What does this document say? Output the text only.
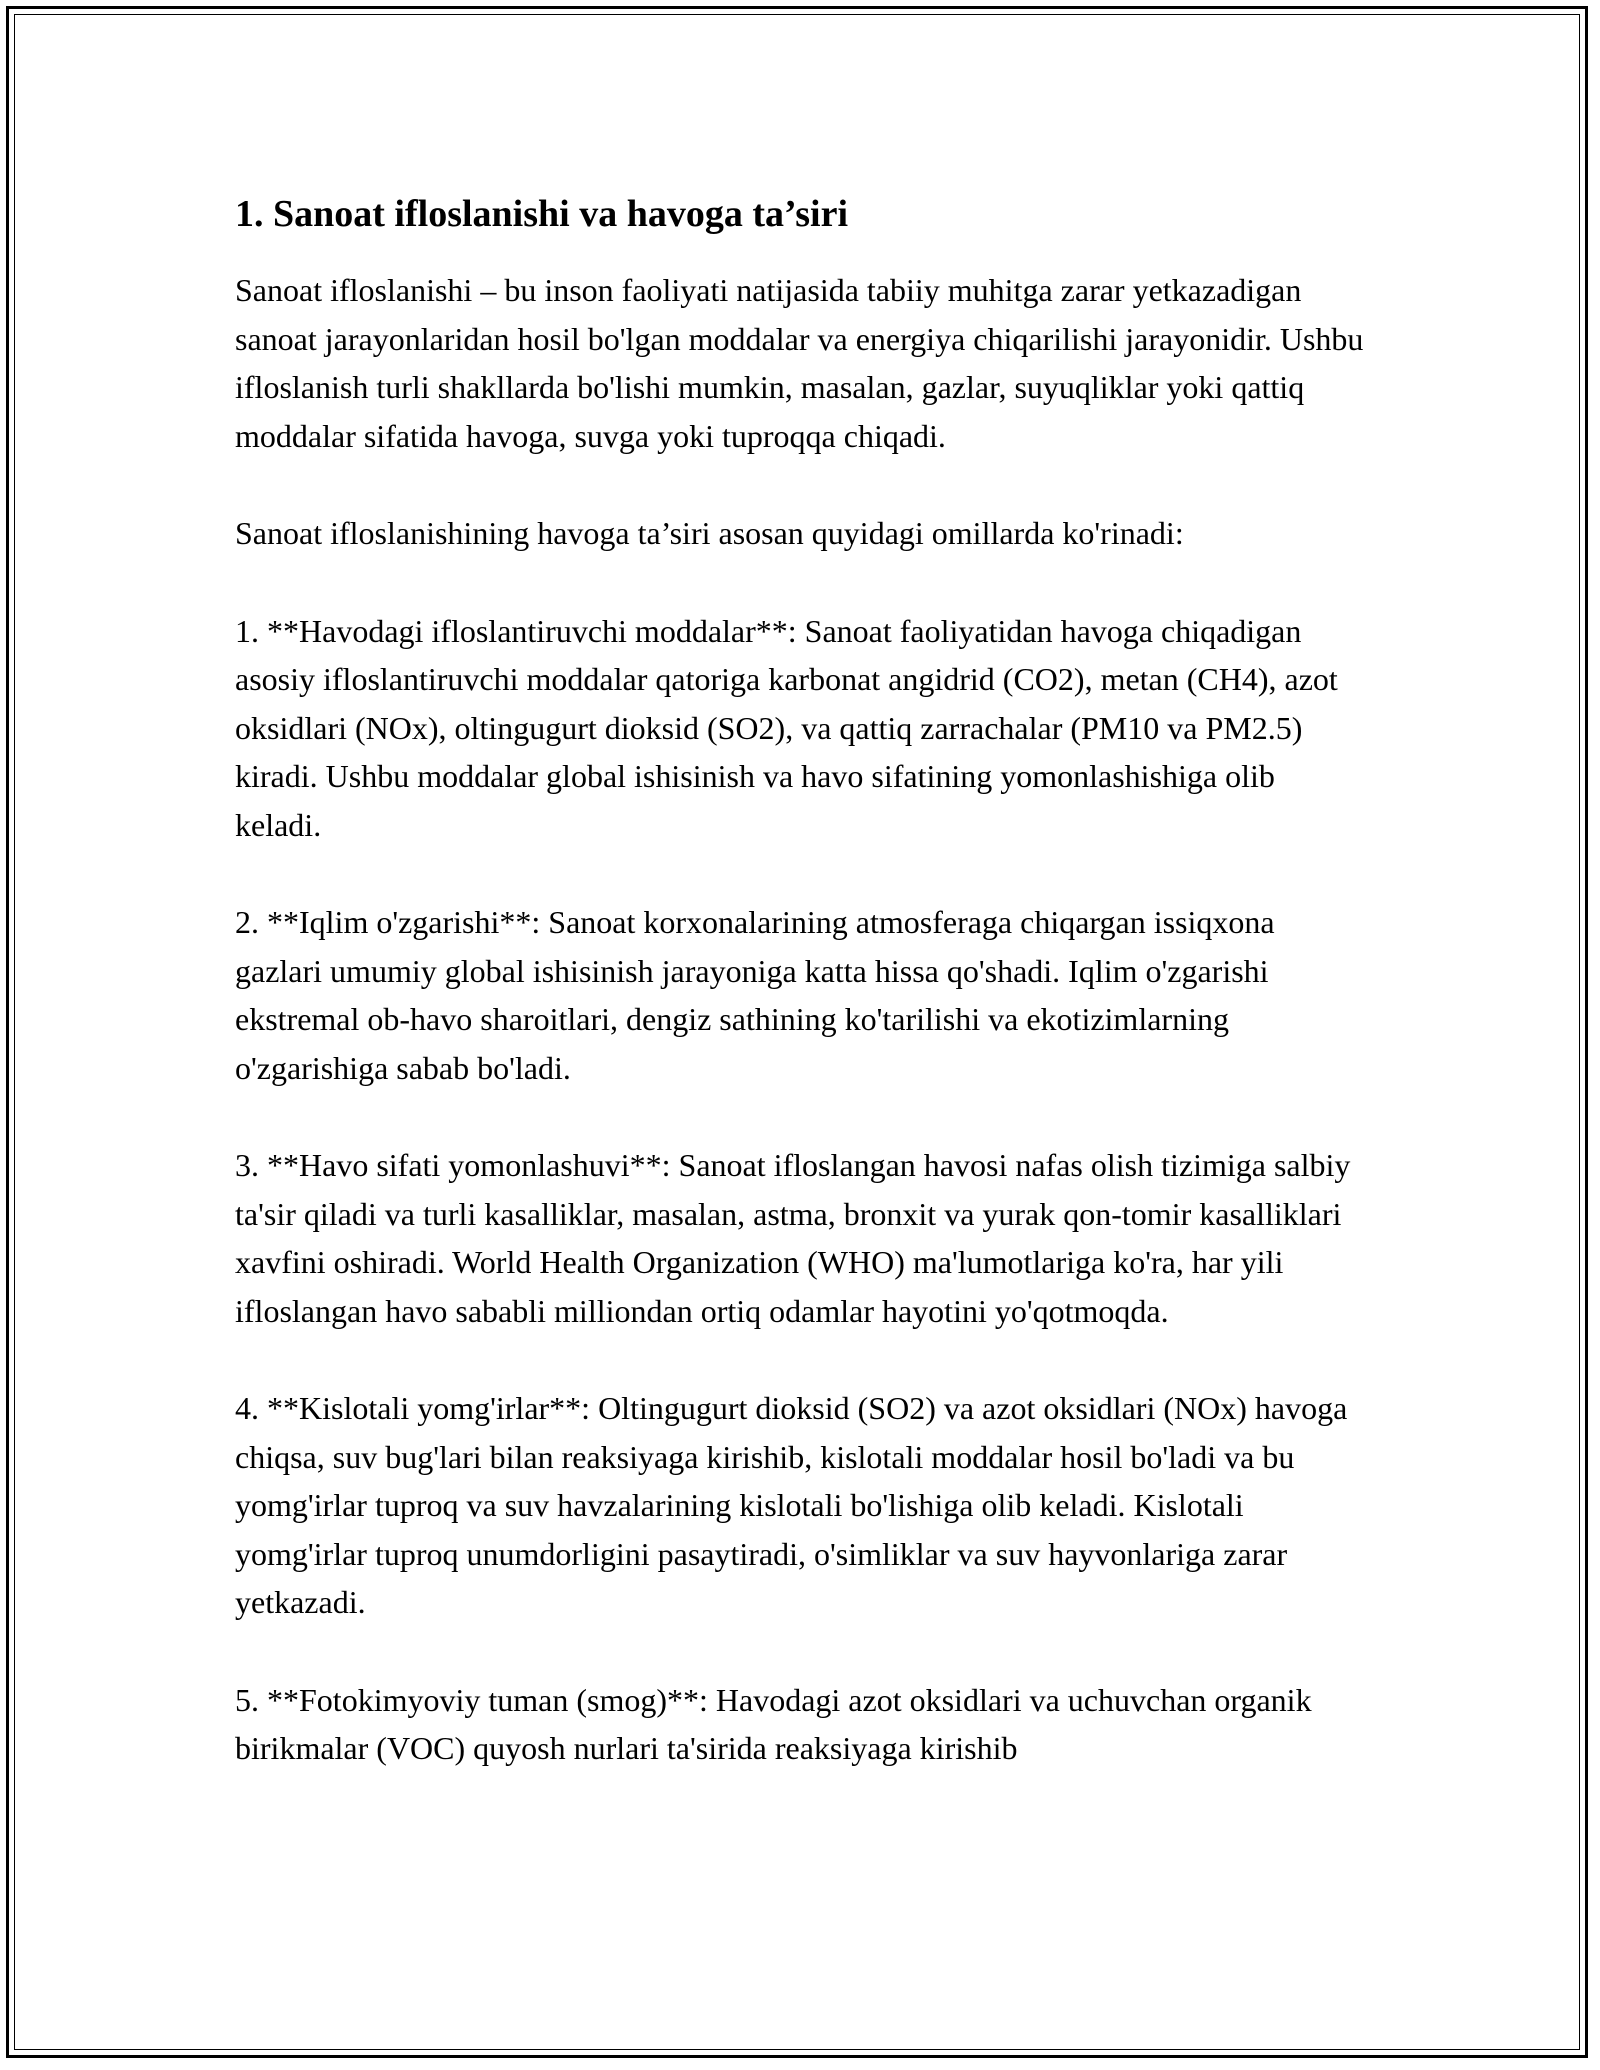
1. Sanoat ifloslanishi va havoga ta’siri

Sanoat ifloslanishi – bu inson faoliyati natijasida tabiiy muhitga zarar yetkazadigan sanoat jarayonlaridan hosil bo'lgan moddalar va energiya chiqarilishi jarayonidir. Ushbu ifloslanish turli shakllarda bo'lishi mumkin, masalan, gazlar, suyuqliklar yoki qattiq moddalar sifatida havoga, suvga yoki tuproqqa chiqadi.

Sanoat ifloslanishining havoga ta’siri asosan quyidagi omillarda ko'rinadi:

1. **Havodagi ifloslantiruvchi moddalar**: Sanoat faoliyatidan havoga chiqadigan asosiy ifloslantiruvchi moddalar qatoriga karbonat angidrid (CO2), metan (CH4), azot oksidlari (NOx), oltingugurt dioksid (SO2), va qattiq zarrachalar (PM10 va PM2.5) kiradi. Ushbu moddalar global ishisinish va havo sifatining yomonlashishiga olib keladi.

2. **Iqlim o'zgarishi**: Sanoat korxonalarining atmosferaga chiqargan issiqxona gazlari umumiy global ishisinish jarayoniga katta hissa qo'shadi. Iqlim o'zgarishi ekstremal ob-havo sharoitlari, dengiz sathining ko'tarilishi va ekotizimlarning o'zgarishiga sabab bo'ladi.

3. **Havo sifati yomonlashuvi**: Sanoat ifloslangan havosi nafas olish tizimiga salbiy ta'sir qiladi va turli kasalliklar, masalan, astma, bronxit va yurak qon-tomir kasalliklari xavfini oshiradi. World Health Organization (WHO) ma'lumotlariga ko'ra, har yili ifloslangan havo sababli milliondan ortiq odamlar hayotini yo'qotmoqda.

4. **Kislotali yomg'irlar**: Oltingugurt dioksid (SO2) va azot oksidlari (NOx) havoga chiqsa, suv bug'lari bilan reaksiyaga kirishib, kislotali moddalar hosil bo'ladi va bu yomg'irlar tuproq va suv havzalarining kislotali bo'lishiga olib keladi. Kislotali yomg'irlar tuproq unumdorligini pasaytiradi, o'simliklar va suv hayvonlariga zarar yetkazadi.

5. **Fotokimyoviy tuman (smog)**: Havodagi azot oksidlari va uchuvchan organik birikmalar (VOC) quyosh nurlari ta'sirida reaksiyaga kirishib
